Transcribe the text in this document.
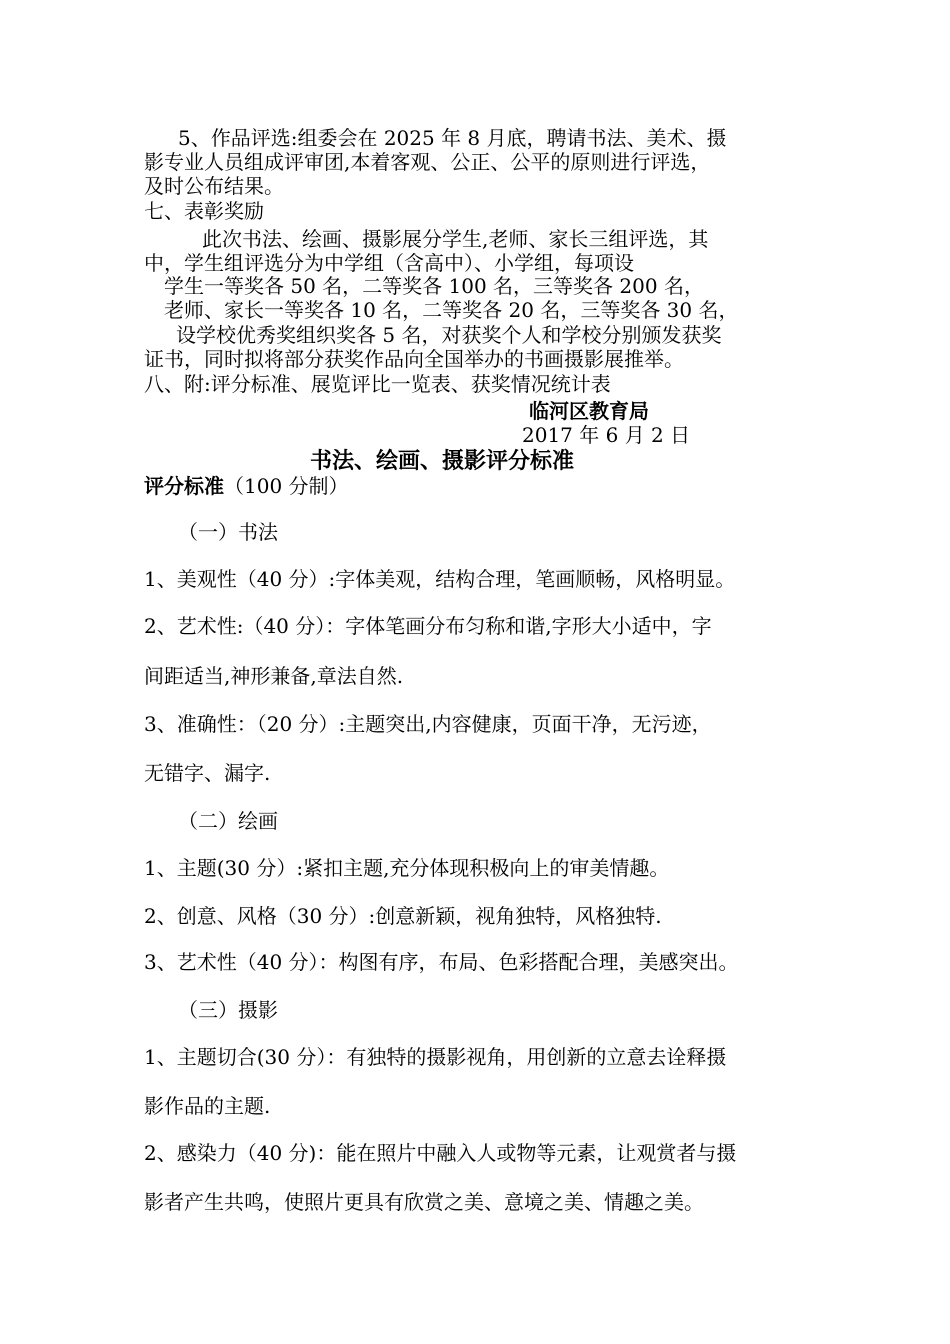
5、作品评选:组委会在 2025 年 8 月底，聘请书法、美术、摄
影专业人员组成评审团,本着客观、公正、公平的原则进行评选，
及时公布结果。
七、表彰奖励
此次书法、绘画、摄影展分学生,老师、家长三组评选，其
中，学生组评选分为中学组（含高中）、小学组，每项设
学生一等奖各 50 名，二等奖各 100 名，三等奖各 200 名，
老师、家长一等奖各 10 名，二等奖各 20 名，三等奖各 30 名，
设学校优秀奖组织奖各 5 名，对获奖个人和学校分别颁发获奖
证书，同时拟将部分获奖作品向全国举办的书画摄影展推举。
八、附:评分标准、展览评比一览表、获奖情况统计表
临河区教育局
2017 年 6 月 2 日
书法、绘画、摄影评分标准
评分标准（100 分制）
（一）书法
1、美观性（40 分）:字体美观，结构合理，笔画顺畅，风格明显。
2、艺术性:（40 分）：字体笔画分布匀称和谐,字形大小适中，字
间距适当,神形兼备,章法自然.
3、准确性：（20 分）:主题突出,内容健康，页面干净，无污迹，
无错字、漏字.
（二）绘画
1、主题(30 分）:紧扣主题,充分体现积极向上的审美情趣。
2、创意、风格（30 分）:创意新颖，视角独特，风格独特.
3、艺术性（40 分）：构图有序，布局、色彩搭配合理，美感突出。
（三）摄影
1、主题切合(30 分）：有独特的摄影视角，用创新的立意去诠释摄
影作品的主题.
2、感染力（40 分)：能在照片中融入人或物等元素，让观赏者与摄
影者产生共鸣，使照片更具有欣赏之美、意境之美、情趣之美。
